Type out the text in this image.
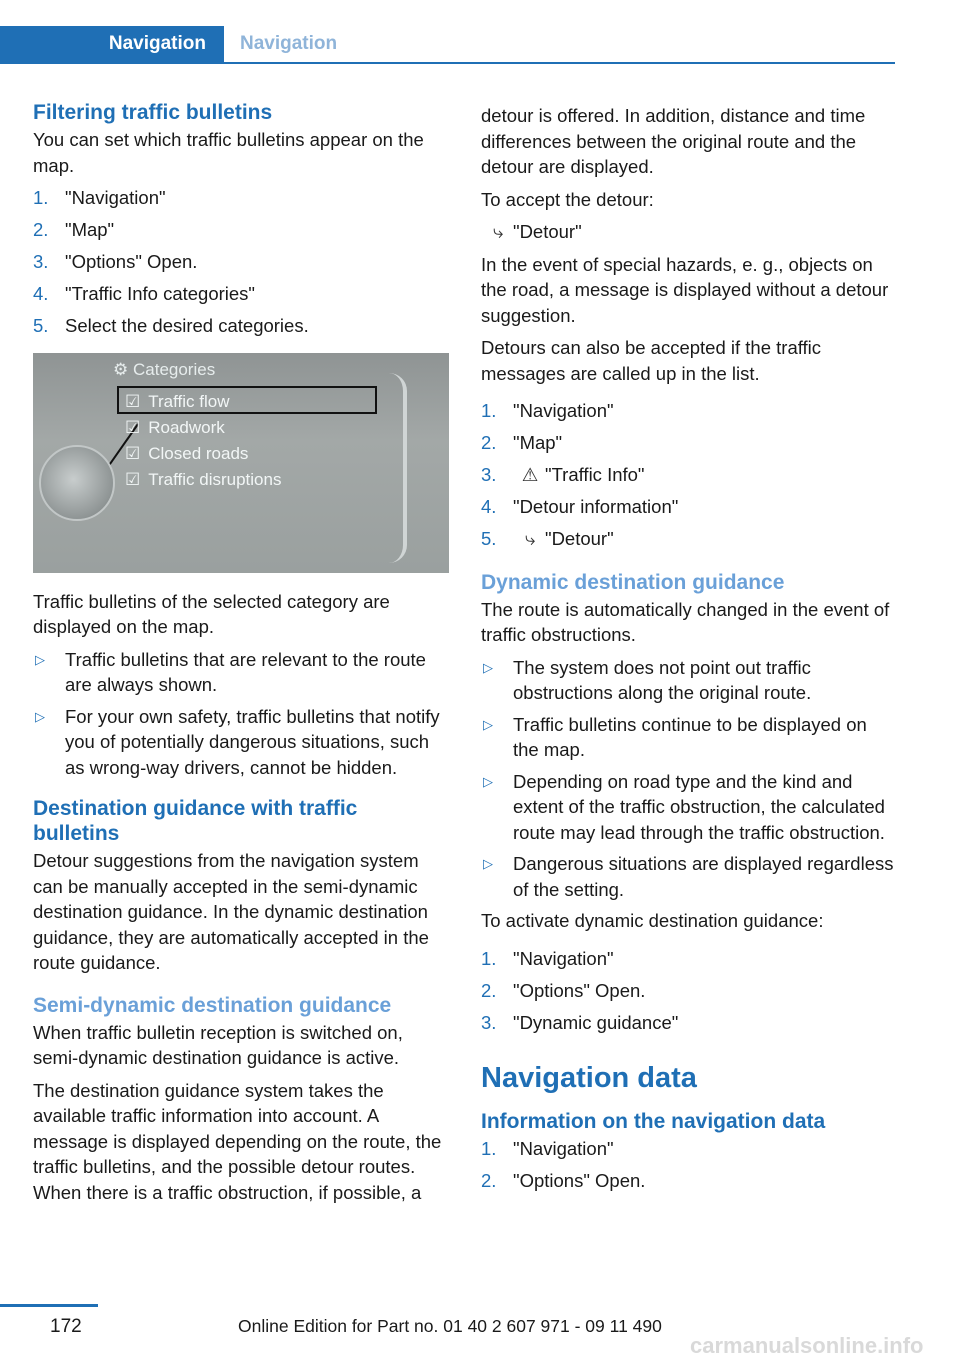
Navigation	Navigation
Filtering traffic bulletins

You can set which traffic bulletins appear on the map.

1. "Navigation"
2. "Map"
3. "Options" Open.
4. "Traffic Info categories"
5. Select the desired categories.
⚙ Categories
☑ Traffic flow
☑ Roadwork
☑ Closed roads
☑ Traffic disruptions

Traffic bulletins of the selected category are displayed on the map.

▷ Traffic bulletins that are relevant to the route are always shown.
▷ For your own safety, traffic bulletins that notify you of potentially dangerous situations, such as wrong-way drivers, cannot be hidden.
Destination guidance with traffic bulletins

Detour suggestions from the navigation system can be manually accepted in the semi-dynamic destination guidance. In the dynamic destination guidance, they are automatically accepted in the route guidance.

Semi-dynamic destination guidance

When traffic bulletin reception is switched on, semi-dynamic destination guidance is active.

The destination guidance system takes the available traffic information into account. A message is displayed depending on the route, the traffic bulletins, and the possible detour routes. When there is a traffic obstruction, if possible, a

detour is offered. In addition, distance and time differences between the original route and the detour are displayed.

To accept the detour:

⤷ "Detour"

In the event of special hazards, e. g., objects on the road, a message is displayed without a detour suggestion.

Detours can also be accepted if the traffic messages are called up in the list.

1. "Navigation"
2. "Map"
3. ⚠ "Traffic Info"
4. "Detour information"
5. ⤷ "Detour"
Dynamic destination guidance

The route is automatically changed in the event of traffic obstructions.

▷ The system does not point out traffic obstructions along the original route.
▷ Traffic bulletins continue to be displayed on the map.
▷ Depending on road type and the kind and extent of the traffic obstruction, the calculated route may lead through the traffic obstruction.
▷ Dangerous situations are displayed regardless of the setting.

To activate dynamic destination guidance:

1. "Navigation"
2. "Options" Open.
3. "Dynamic guidance"
Navigation data
Information on the navigation data
1. "Navigation"
2. "Options" Open.
172	Online Edition for Part no. 01 40 2 607 971 - 09 11 490
carmanualsonline.info
